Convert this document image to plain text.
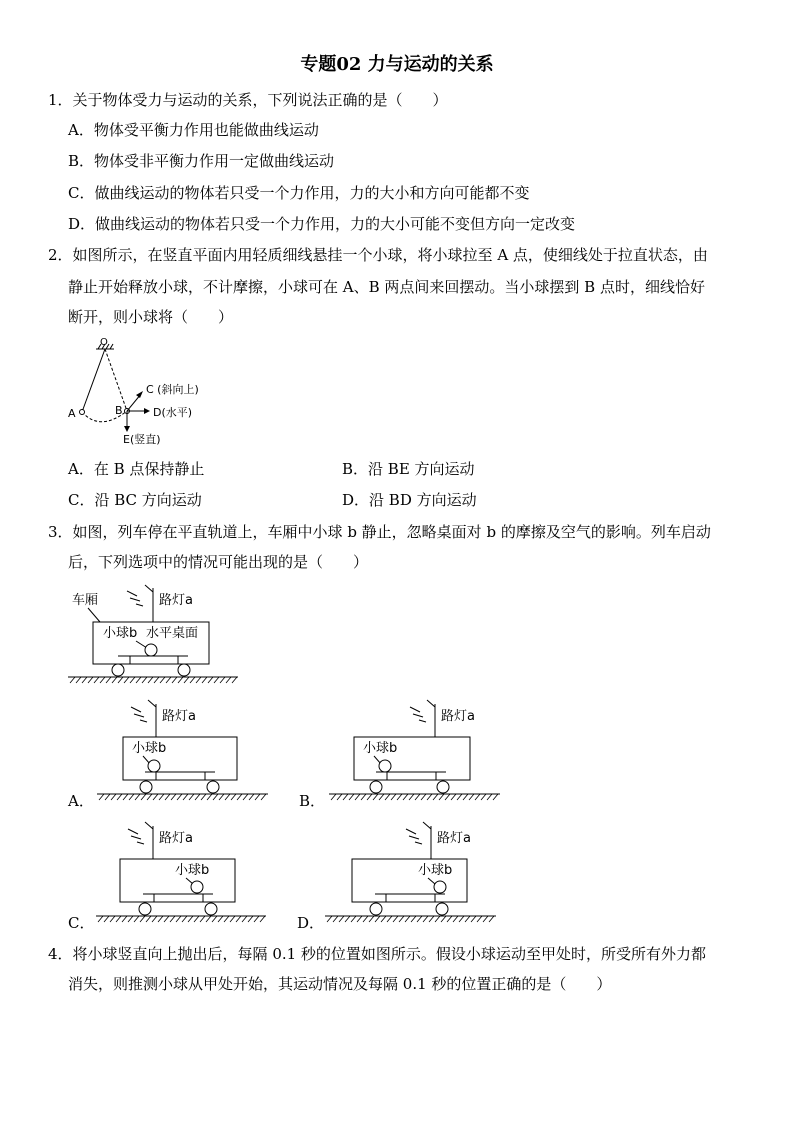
专题02 力与运动的关系
1．关于物体受力与运动的关系，下列说法正确的是（　　）
A．物体受平衡力作用也能做曲线运动
B．物体受非平衡力作用一定做曲线运动
C．做曲线运动的物体若只受一个力作用，力的大小和方向可能都不变
D．做曲线运动的物体若只受一个力作用，力的大小可能不变但方向一定改变
2．如图所示，在竖直平面内用轻质细线悬挂一个小球，将小球拉至 A 点，使细线处于拉直状态，由
静止开始释放小球，不计摩擦，小球可在 A、B 两点间来回摆动。当小球摆到 B 点时，细线恰好
断开，则小球将（　　）
O
A	B
C (斜向上)
D(水平)
E(竖直)
A．在 B 点保持静止	B．沿 BE 方向运动
C．沿 BC 方向运动	D．沿 BD 方向运动
3．如图，列车停在平直轨道上，车厢中小球 b 静止，忽略桌面对 b 的摩擦及空气的影响。列车启动
后，下列选项中的情况可能出现的是（　　）
车厢	路灯a
小球b 水平桌面
路灯a
小球b
A．
路灯a
小球b
B．
路灯a
小球b
C．
路灯a
小球b
D．
4．将小球竖直向上抛出后，每隔 0.1 秒的位置如图所示。假设小球运动至甲处时，所受所有外力都
消失，则推测小球从甲处开始，其运动情况及每隔 0.1 秒的位置正确的是（　　）
